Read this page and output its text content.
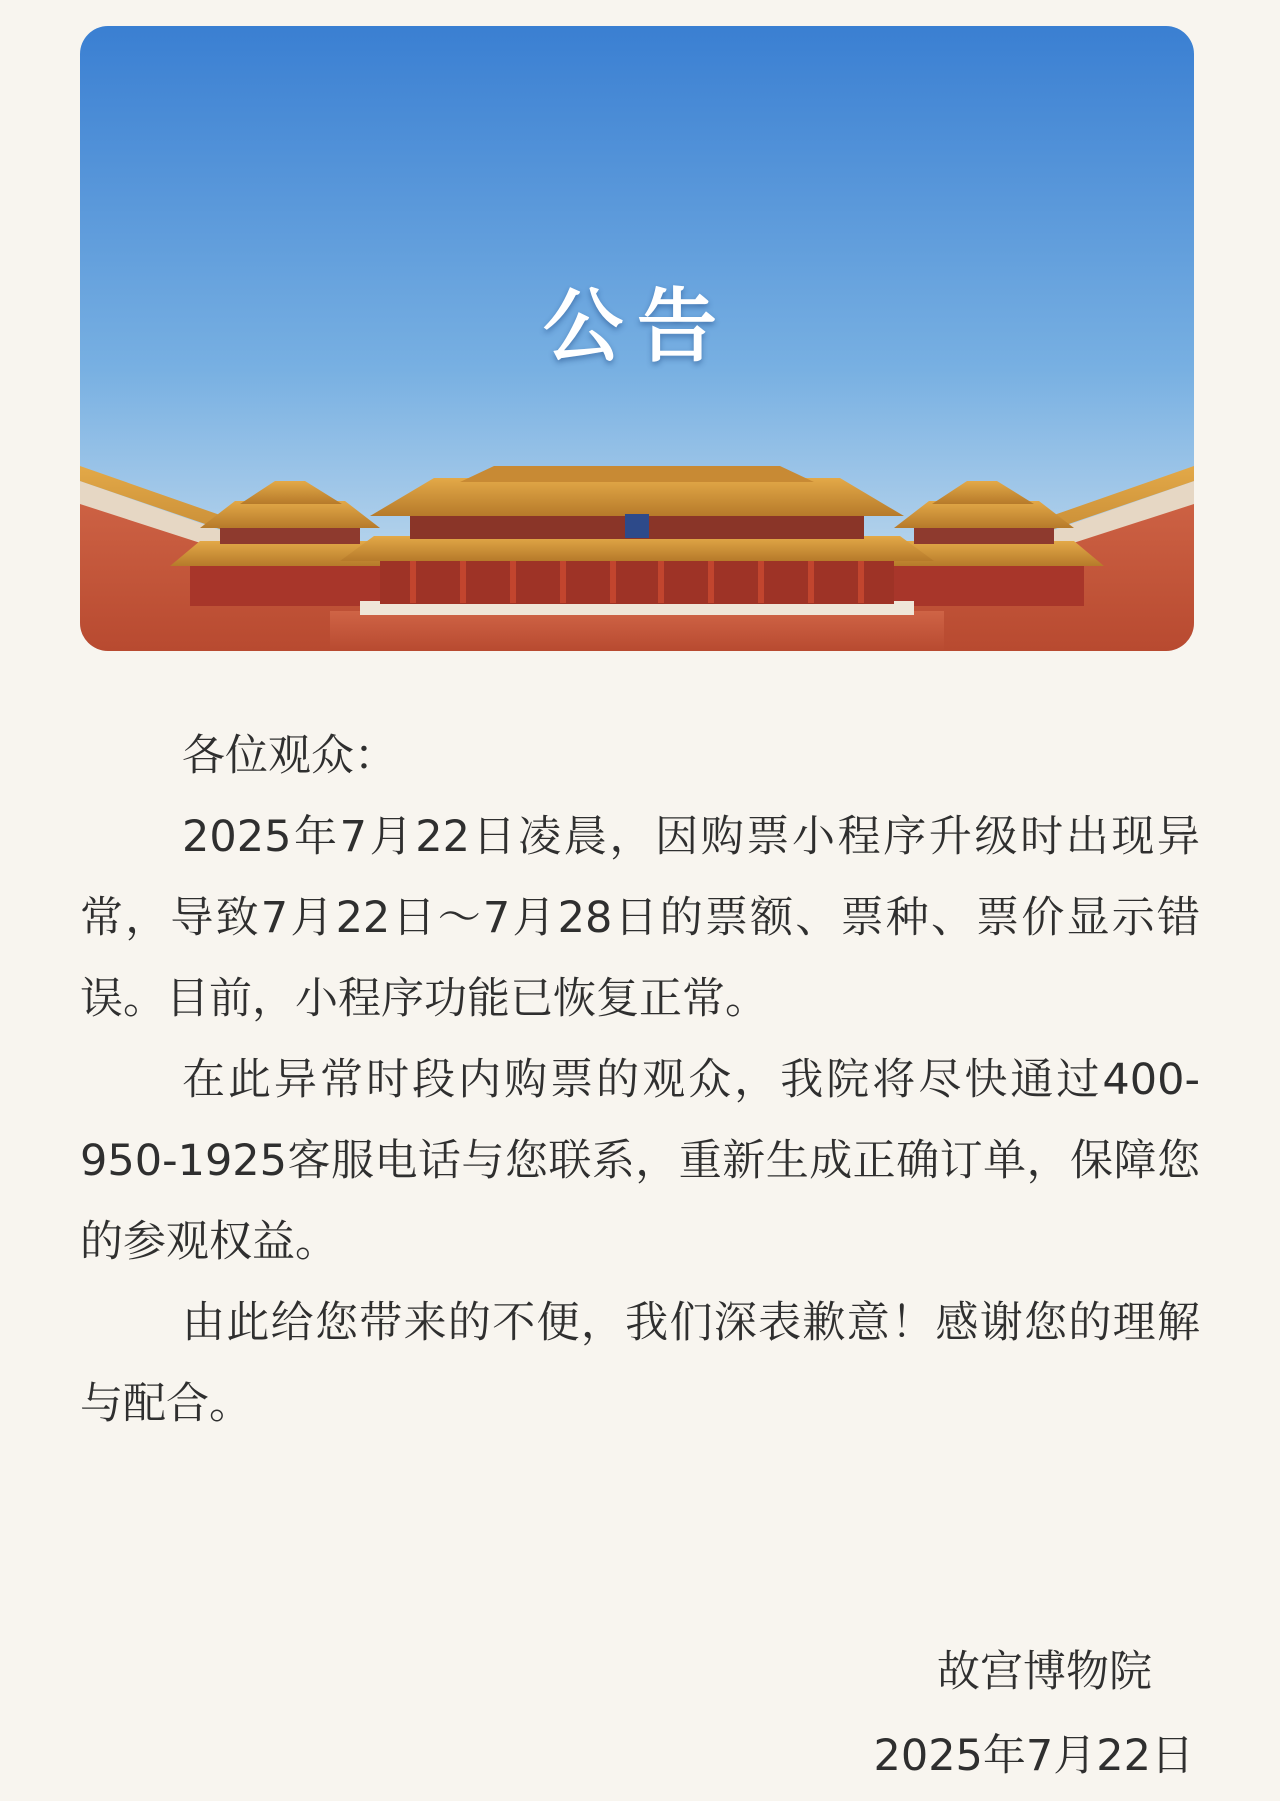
公告

各位观众：

2025年7月22日凌晨，因购票小程序升级时出现异常，导致7月22日～7月28日的票额、票种、票价显示错误。目前，小程序功能已恢复正常。

在此异常时段内购票的观众，我院将尽快通过400-950-1925客服电话与您联系，重新生成正确订单，保障您的参观权益。

由此给您带来的不便，我们深表歉意！感谢您的理解与配合。

故宫博物院
2025年7月22日
